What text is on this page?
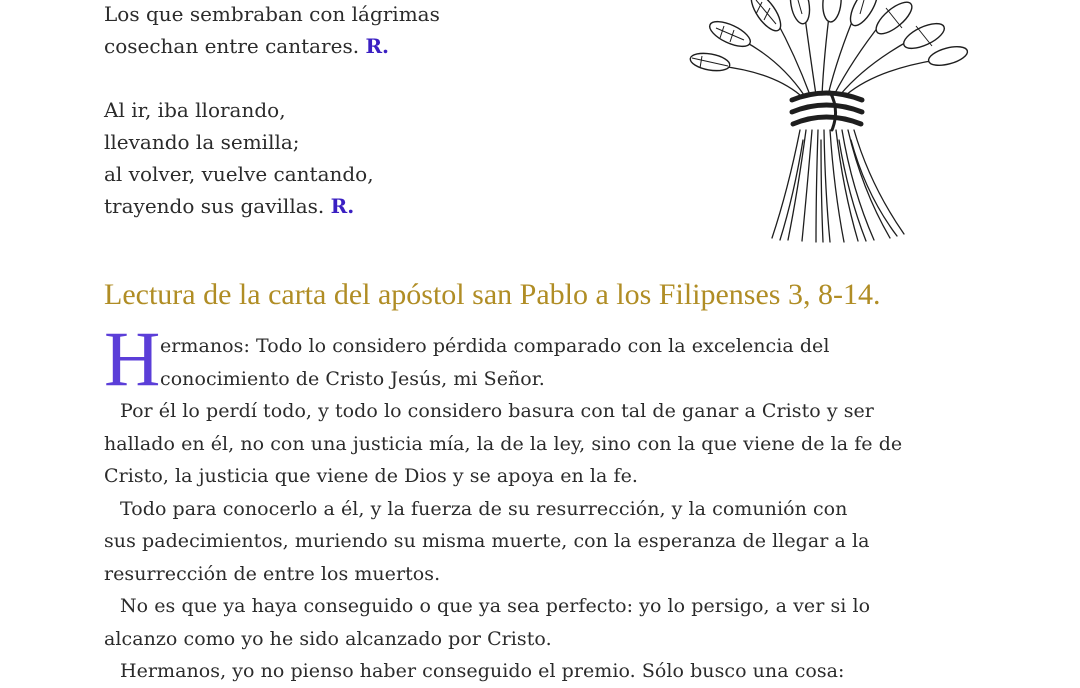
Los que sembraban con lágrimas

cosechan entre cantares. R.

Al ir, iba llorando,

llevando la semilla;

al volver, vuelve cantando,

trayendo sus gavillas. R.

Lectura de la carta del apóstol san Pablo a los Filipenses 3, 8-14.
H ermanos: Todo lo considero pérdida comparado con la excelencia del

conocimiento de Cristo Jesús, mi Señor.

Por él lo perdí todo, y todo lo considero basura con tal de ganar a Cristo y ser

hallado en él, no con una justicia mía, la de la ley, sino con la que viene de la fe de

Cristo, la justicia que viene de Dios y se apoya en la fe.

Todo para conocerlo a él, y la fuerza de su resurrección, y la comunión con

sus padecimientos, muriendo su misma muerte, con la esperanza de llegar a la

resurrección de entre los muertos.

No es que ya haya conseguido o que ya sea perfecto: yo lo persigo, a ver si lo

alcanzo como yo he sido alcanzado por Cristo.

Hermanos, yo no pienso haber conseguido el premio. Sólo busco una cosa:
